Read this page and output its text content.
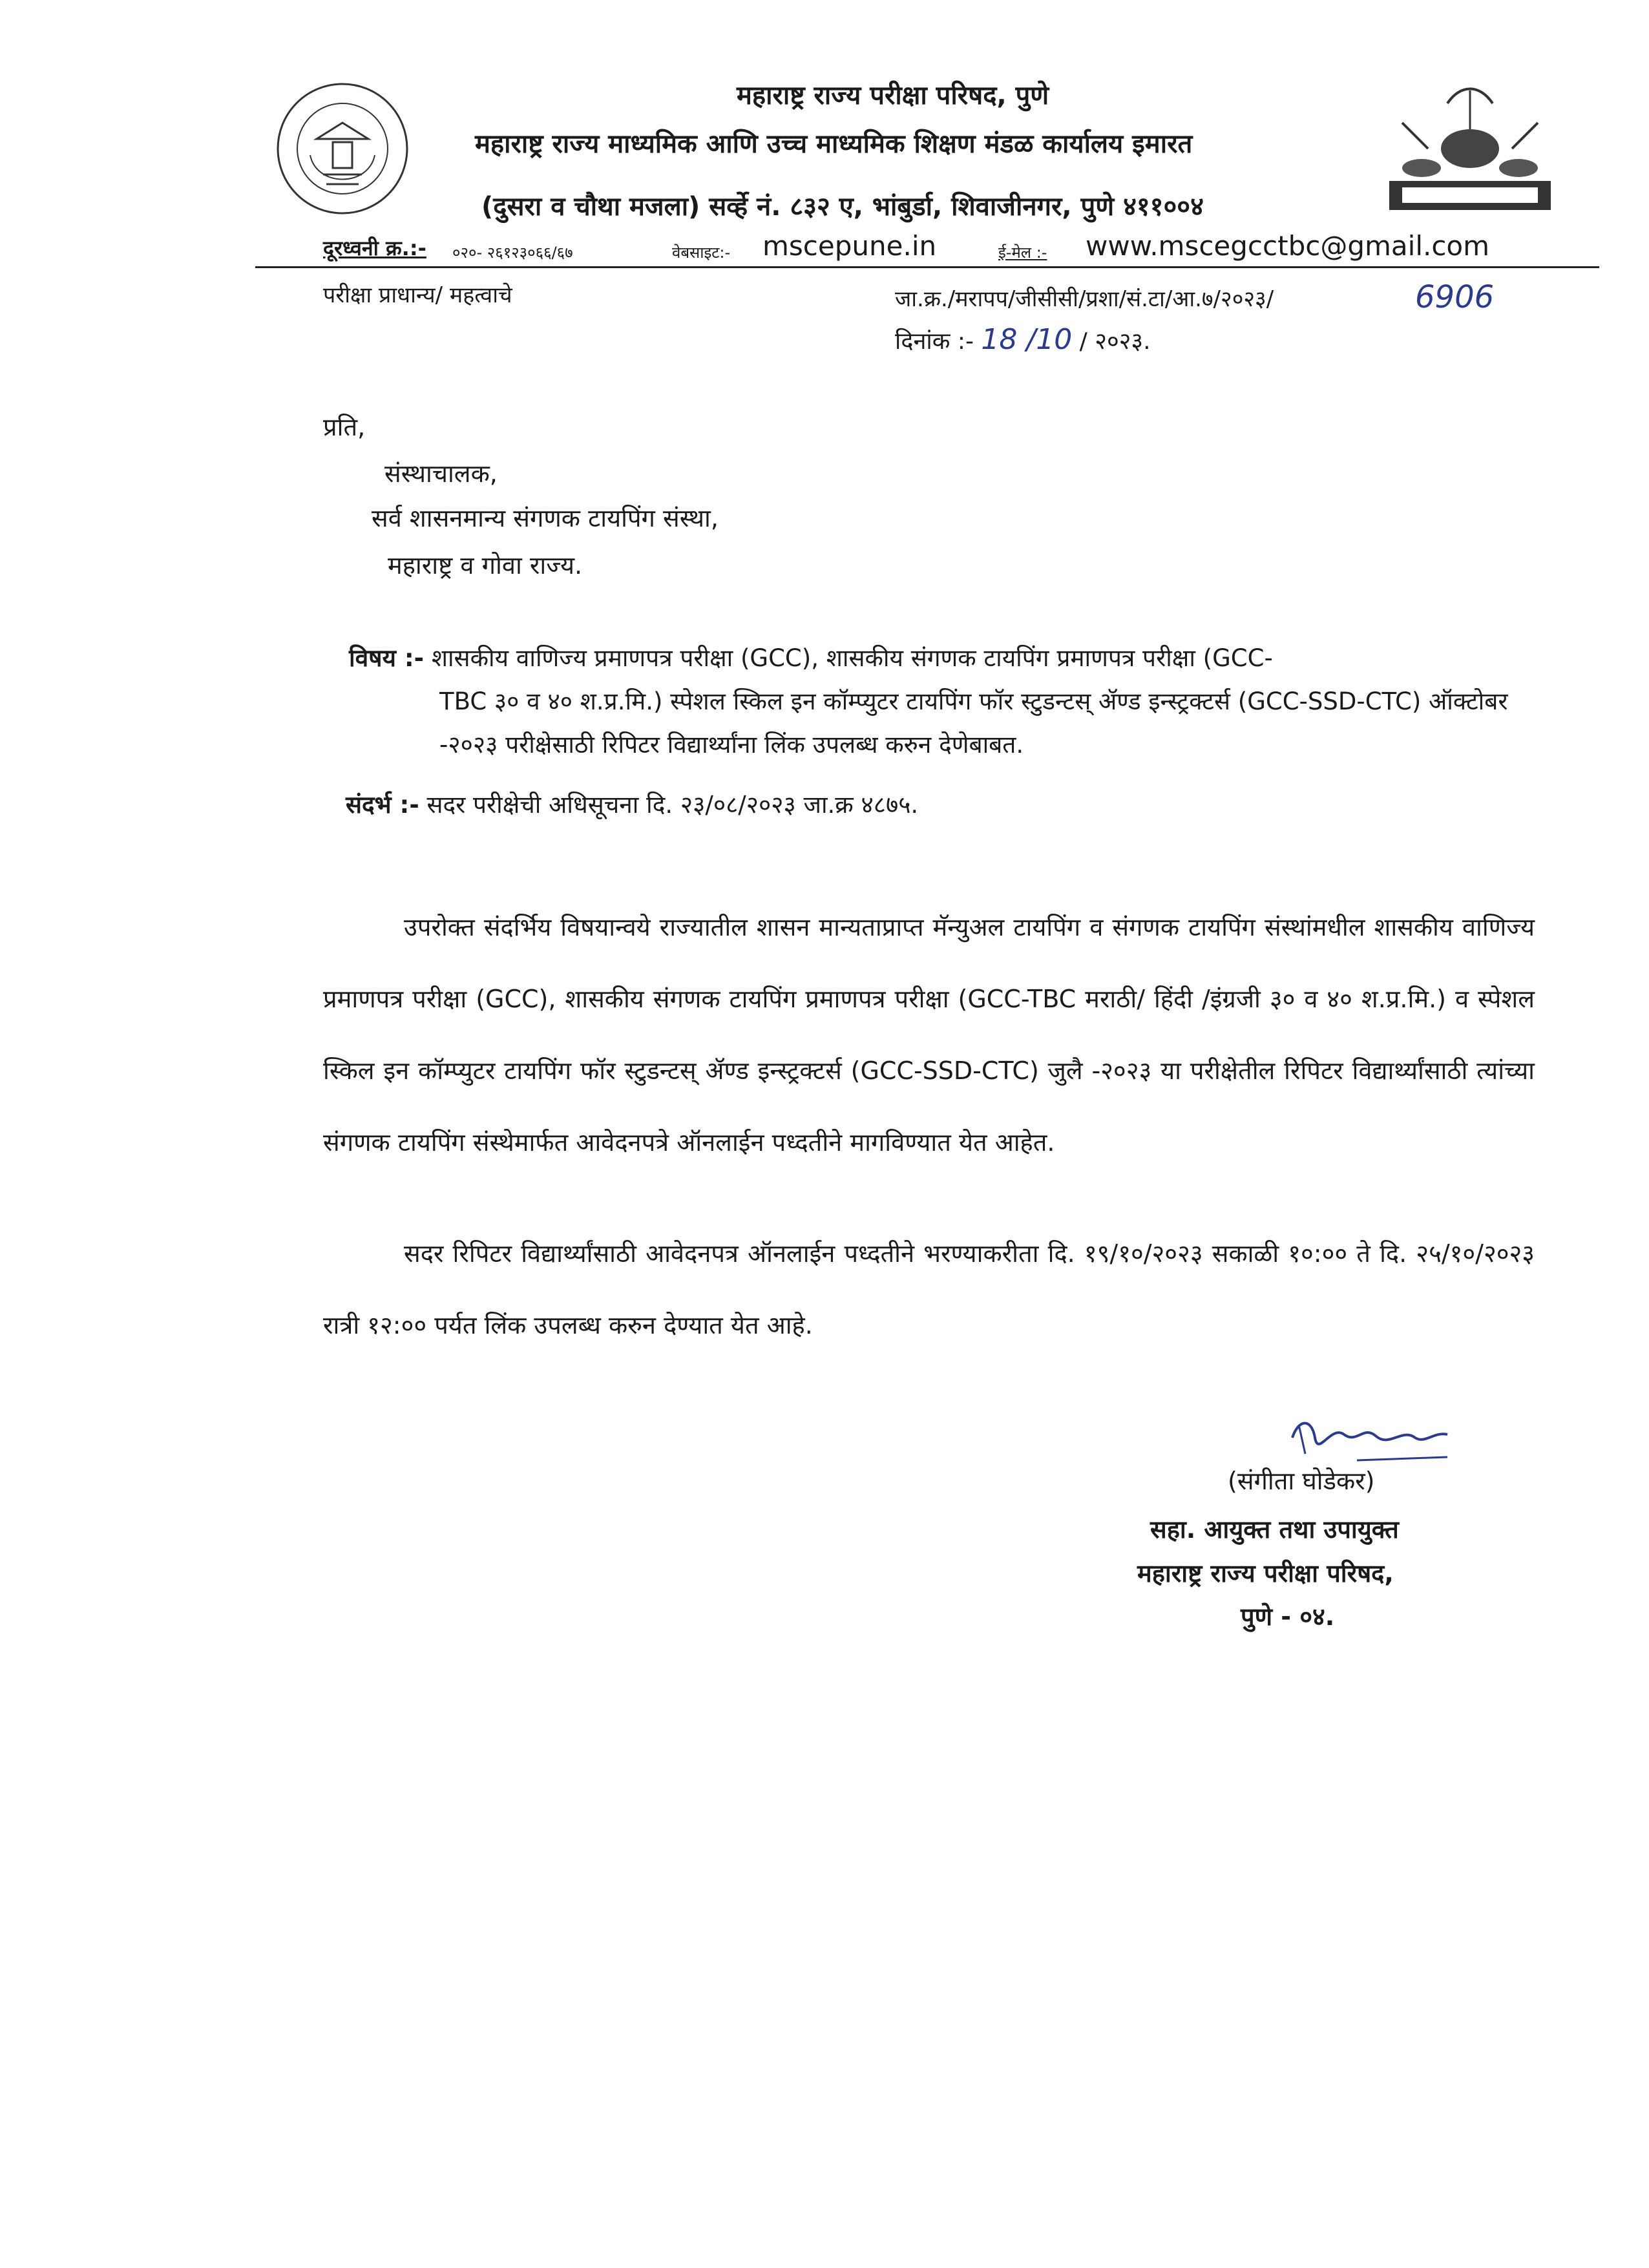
महाराष्ट्र राज्य परीक्षा परिषद, पुणे
महाराष्ट्र राज्य माध्यमिक आणि उच्च माध्यमिक शिक्षण मंडळ कार्यालय इमारत
(दुसरा व चौथा मजला) सर्व्हे नं. ८३२ ए, भांबुर्डा, शिवाजीनगर, पुणे ४११००४
दूरध्वनी क्र.:- ०२०- २६१२३०६६/६७	वेबसाइट:- mscepune.in	ई-मेल :- www.mscegcctbc@gmail.com
परीक्षा प्राधान्य/ महत्वाचे	जा.क्र./मरापप/जीसीसी/प्रशा/सं.टा/आ.७/२०२३/	6906
दिनांक :- 18 /10 / २०२३.
प्रति,
संस्थाचालक,
सर्व शासनमान्य संगणक टायपिंग संस्था,
महाराष्ट्र व गोवा राज्य.
विषय :- शासकीय वाणिज्य प्रमाणपत्र परीक्षा (GCC), शासकीय संगणक टायपिंग प्रमाणपत्र परीक्षा (GCC-
TBC ३० व ४० श.प्र.मि.) स्पेशल स्किल इन कॉम्प्युटर टायपिंग फॉर स्टुडन्टस् ॲण्ड इन्स्ट्रक्टर्स (GCC-SSD-CTC) ऑक्टोबर -२०२३ परीक्षेसाठी रिपिटर विद्यार्थ्यांना लिंक उपलब्ध करुन देणेबाबत.
संदर्भ :- सदर परीक्षेची अधिसूचना दि. २३/०८/२०२३ जा.क्र ४८७५.
उपरोक्त संदर्भिय विषयान्वये राज्यातील शासन मान्यताप्राप्त मॅन्युअल टायपिंग व संगणक टायपिंग संस्थांमधील शासकीय वाणिज्य प्रमाणपत्र परीक्षा (GCC), शासकीय संगणक टायपिंग प्रमाणपत्र परीक्षा (GCC-TBC मराठी/ हिंदी /इंग्रजी ३० व ४० श.प्र.मि.) व स्पेशल स्किल इन कॉम्प्युटर टायपिंग फॉर स्टुडन्टस् ॲण्ड इन्स्ट्रक्टर्स (GCC-SSD-CTC) जुलै -२०२३ या परीक्षेतील रिपिटर विद्यार्थ्यांसाठी त्यांच्या संगणक टायपिंग संस्थेमार्फत आवेदनपत्रे ऑनलाईन पध्दतीने मागविण्यात येत आहेत.
सदर रिपिटर विद्यार्थ्यांसाठी आवेदनपत्र ऑनलाईन पध्दतीने भरण्याकरीता दि. १९/१०/२०२३ सकाळी १०:०० ते दि. २५/१०/२०२३ रात्री १२:०० पर्यत लिंक उपलब्ध करुन देण्यात येत आहे.
(संगीता घोडेकर)
सहा. आयुक्त तथा उपायुक्त
महाराष्ट्र राज्य परीक्षा परिषद,
पुणे - ०४.
